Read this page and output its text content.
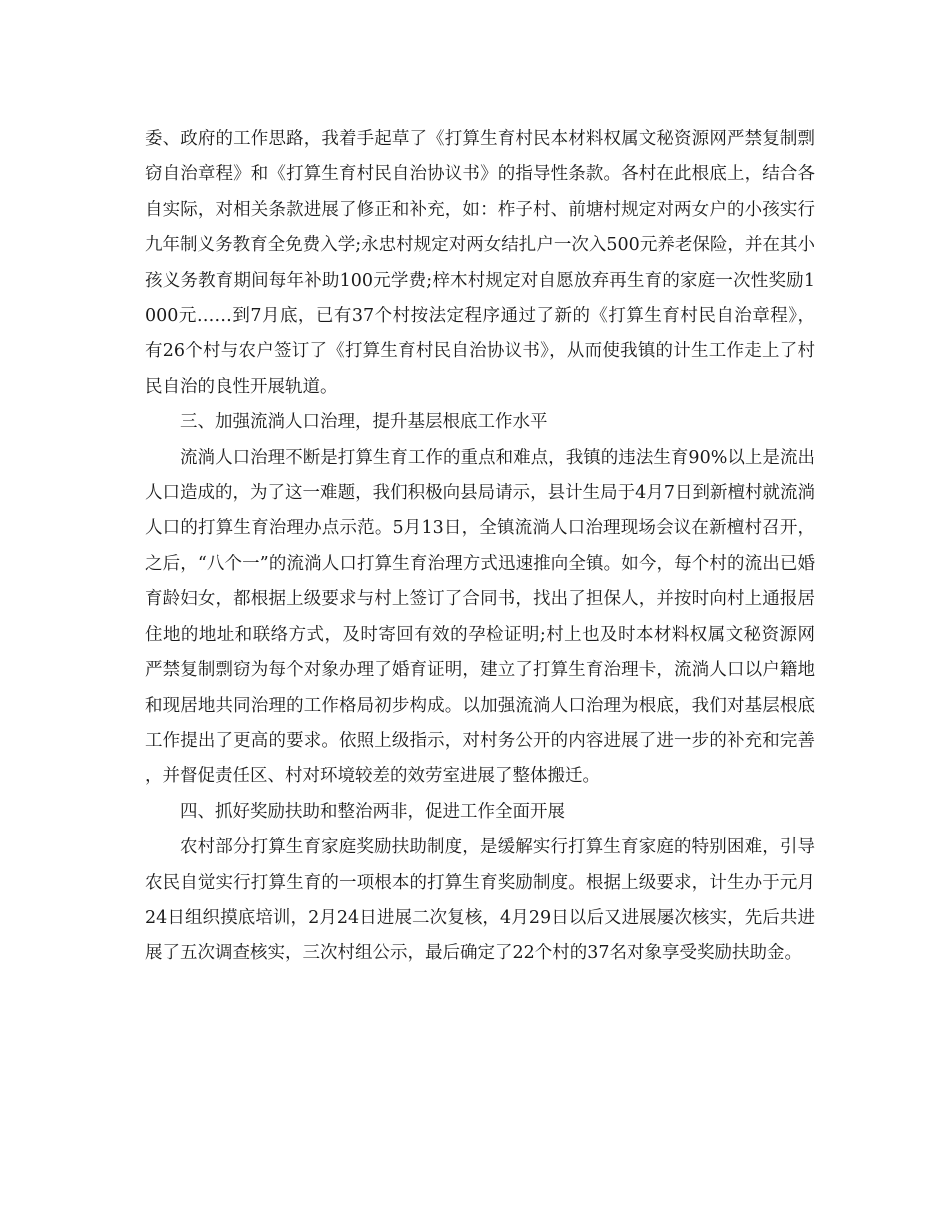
委、政府的工作思路，我着手起草了《打算生育村民本材料权属文秘资源网严禁复制剽窃自治章程》和《打算生育村民自治协议书》的指导性条款。各村在此根底上，结合各自实际，对相关条款进展了修正和补充，如：柞子村、前塘村规定对两女户的小孩实行九年制义务教育全免费入学;永忠村规定对两女结扎户一次入500元养老保险，并在其小孩义务教育期间每年补助100元学费;梓木村规定对自愿放弃再生育的家庭一次性奖励1000元……到7月底，已有37个村按法定程序通过了新的《打算生育村民自治章程》，有26个村与农户签订了《打算生育村民自治协议书》，从而使我镇的计生工作走上了村民自治的良性开展轨道。

三、加强流淌人口治理，提升基层根底工作水平

流淌人口治理不断是打算生育工作的重点和难点，我镇的违法生育90%以上是流出人口造成的，为了这一难题，我们积极向县局请示，县计生局于4月7日到新檀村就流淌人口的打算生育治理办点示范。5月13日，全镇流淌人口治理现场会议在新檀村召开，之后，“八个一”的流淌人口打算生育治理方式迅速推向全镇。如今，每个村的流出已婚育龄妇女，都根据上级要求与村上签订了合同书，找出了担保人，并按时向村上通报居住地的地址和联络方式，及时寄回有效的孕检证明;村上也及时本材料权属文秘资源网严禁复制剽窃为每个对象办理了婚育证明，建立了打算生育治理卡，流淌人口以户籍地和现居地共同治理的工作格局初步构成。以加强流淌人口治理为根底，我们对基层根底工作提出了更高的要求。依照上级指示，对村务公开的内容进展了进一步的补充和完善，并督促责任区、村对环境较差的效劳室进展了整体搬迁。

四、抓好奖励扶助和整治两非，促进工作全面开展

农村部分打算生育家庭奖励扶助制度，是缓解实行打算生育家庭的特别困难，引导农民自觉实行打算生育的一项根本的打算生育奖励制度。根据上级要求，计生办于元月24日组织摸底培训，2月24日进展二次复核，4月29日以后又进展屡次核实，先后共进展了五次调查核实，三次村组公示，最后确定了22个村的37名对象享受奖励扶助金。
